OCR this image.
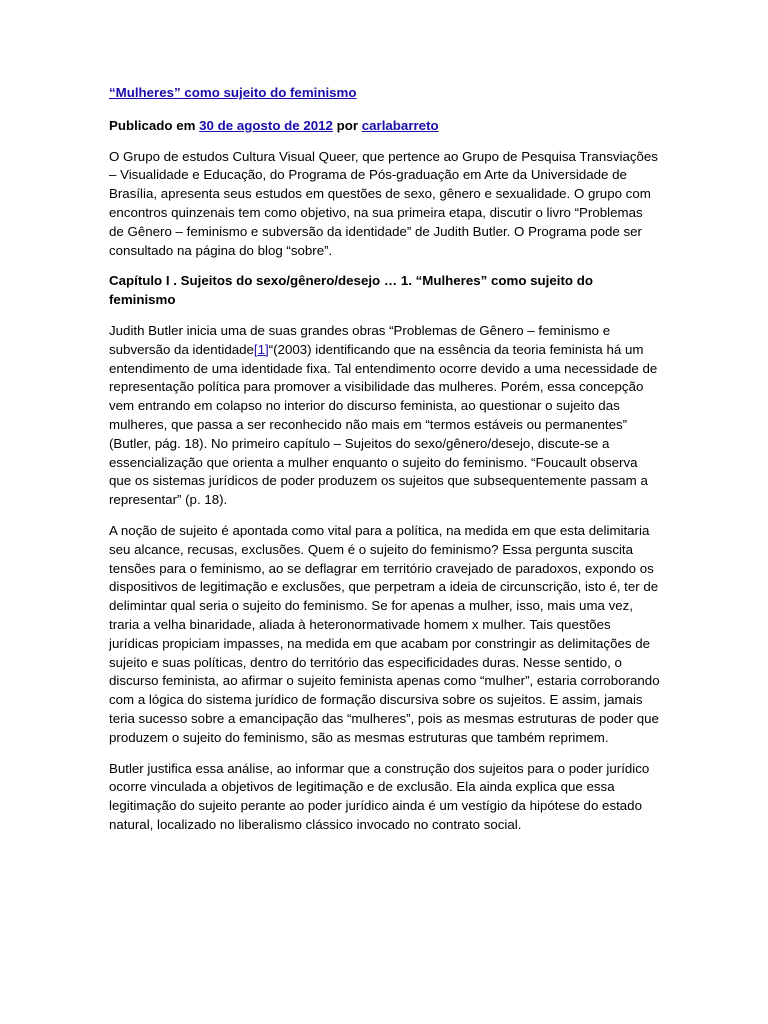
“Mulheres” como sujeito do feminismo

Publicado em 30 de agosto de 2012 por carlabarreto

O Grupo de estudos Cultura Visual Queer, que pertence ao Grupo de Pesquisa Transviações – Visualidade e Educação, do Programa de Pós-graduação em Arte da Universidade de Brasília, apresenta seus estudos em questões de sexo, gênero e sexualidade. O grupo com encontros quinzenais tem como objetivo, na sua primeira etapa, discutir o livro “Problemas de Gênero – feminismo e subversão da identidade” de Judith Butler. O Programa pode ser consultado na página do blog “sobre”.

Capítulo I . Sujeitos do sexo/gênero/desejo … 1. “Mulheres” como sujeito do feminismo

Judith Butler inicia uma de suas grandes obras “Problemas de Gênero – feminismo e subversão da identidade[1]“(2003) identificando que na essência da teoria feminista há um entendimento de uma identidade fixa. Tal entendimento ocorre devido a uma necessidade de representação política para promover a visibilidade das mulheres. Porém, essa concepção vem entrando em colapso no interior do discurso feminista, ao questionar o sujeito das mulheres, que passa a ser reconhecido não mais em “termos estáveis ou permanentes” (Butler, pág. 18). No primeiro capítulo – Sujeitos do sexo/gênero/desejo, discute-se a essencialização que orienta a mulher enquanto o sujeito do feminismo. “Foucault observa que os sistemas jurídicos de poder produzem os sujeitos que subsequentemente passam a representar” (p. 18).

A noção de sujeito é apontada como vital para a política, na medida em que esta delimitaria seu alcance, recusas, exclusões. Quem é o sujeito do feminismo? Essa pergunta suscita tensões para o feminismo, ao se deflagrar em território cravejado de paradoxos, expondo os dispositivos de legitimação e exclusões, que perpetram a ideia de circunscrição, isto é, ter de delimintar qual seria o sujeito do feminismo. Se for apenas a mulher, isso, mais uma vez, traria a velha binaridade, aliada à heteronormativade homem x mulher. Tais questões jurídicas propiciam impasses, na medida em que acabam por constringir as delimitações de sujeito e suas políticas, dentro do território das especificidades duras. Nesse sentido, o discurso feminista, ao afirmar o sujeito feminista apenas como “mulher”, estaria corroborando com a lógica do sistema jurídico de formação discursiva sobre os sujeitos. E assim, jamais teria sucesso sobre a emancipação das “mulheres”, pois as mesmas estruturas de poder que produzem o sujeito do feminismo, são as mesmas estruturas que também reprimem.

Butler justifica essa análise, ao informar que a construção dos sujeitos para o poder jurídico ocorre vinculada a objetivos de legitimação e de exclusão. Ela ainda explica que essa legitimação do sujeito perante ao poder jurídico ainda é um vestígio da hipótese do estado natural, localizado no liberalismo clássico invocado no contrato social.
